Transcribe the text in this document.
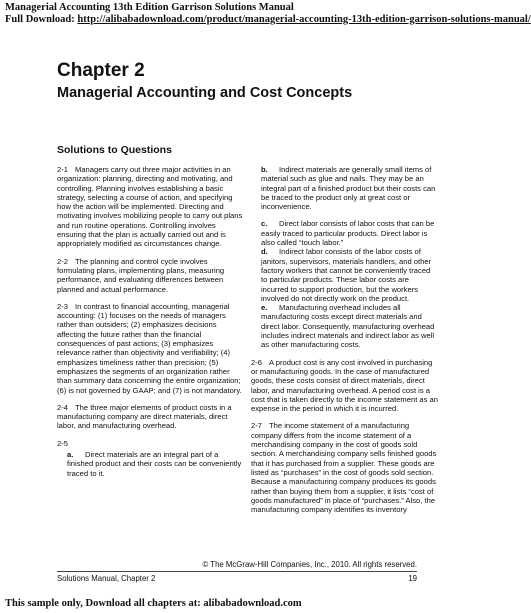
Managerial Accounting 13th Edition Garrison Solutions Manual
Full Download: http://alibabadownload.com/product/managerial-accounting-13th-edition-garrison-solutions-manual/
Chapter 2
Managerial Accounting and Cost Concepts
Solutions to Questions

2-1 Managers carry out three major activities in an organization: planning, directing and motivating, and controlling. Planning involves establishing a basic strategy, selecting a course of action, and specifying how the action will be implemented. Directing and motivating involves mobilizing people to carry out plans and run routine operations. Controlling involves ensuring that the plan is actually carried out and is appropriately modified as circumstances change.

2-2 The planning and control cycle involves formulating plans, implementing plans, measuring performance, and evaluating differences between planned and actual performance.

2-3 In contrast to financial accounting, managerial accounting: (1) focuses on the needs of managers rather than outsiders; (2) emphasizes decisions affecting the future rather than the financial consequences of past actions; (3) emphasizes relevance rather than objectivity and verifiability; (4) emphasizes timeliness rather than precision; (5) emphasizes the segments of an organization rather than summary data concerning the entire organization; (6) is not governed by GAAP; and (7) is not mandatory.

2-4 The three major elements of product costs in a manufacturing company are direct materials, direct labor, and manufacturing overhead.

2-5

a. Direct materials are an integral part of a finished product and their costs can be conveniently traced to it.

b. Indirect materials are generally small items of material such as glue and nails. They may be an integral part of a finished product but their costs can be traced to the product only at great cost or inconvenience.

c. Direct labor consists of labor costs that can be easily traced to particular products. Direct labor is also called “touch labor.”

d. Indirect labor consists of the labor costs of janitors, supervisors, materials handlers, and other factory workers that cannot be conveniently traced to particular products. These labor costs are incurred to support production, but the workers involved do not directly work on the product.

e. Manufacturing overhead includes all manufacturing costs except direct materials and direct labor. Consequently, manufacturing overhead includes indirect materials and indirect labor as well as other manufacturing costs.

2-6 A product cost is any cost involved in purchasing or manufacturing goods. In the case of manufactured goods, these costs consist of direct materials, direct labor, and manufacturing overhead. A period cost is a cost that is taken directly to the income statement as an expense in the period in which it is incurred.

2-7 The income statement of a manufacturing company differs from the income statement of a merchandising company in the cost of goods sold section. A merchandising company sells finished goods that it has purchased from a supplier. These goods are listed as “purchases” in the cost of goods sold section. Because a manufacturing company produces its goods rather than buying them from a supplier, it lists “cost of goods manufactured” in place of “purchases.” Also, the manufacturing company identifies its inventory

© The McGraw-Hill Companies, Inc., 2010. All rights reserved.
Solutions Manual, Chapter 2	19
This sample only, Download all chapters at: alibabadownload.com
